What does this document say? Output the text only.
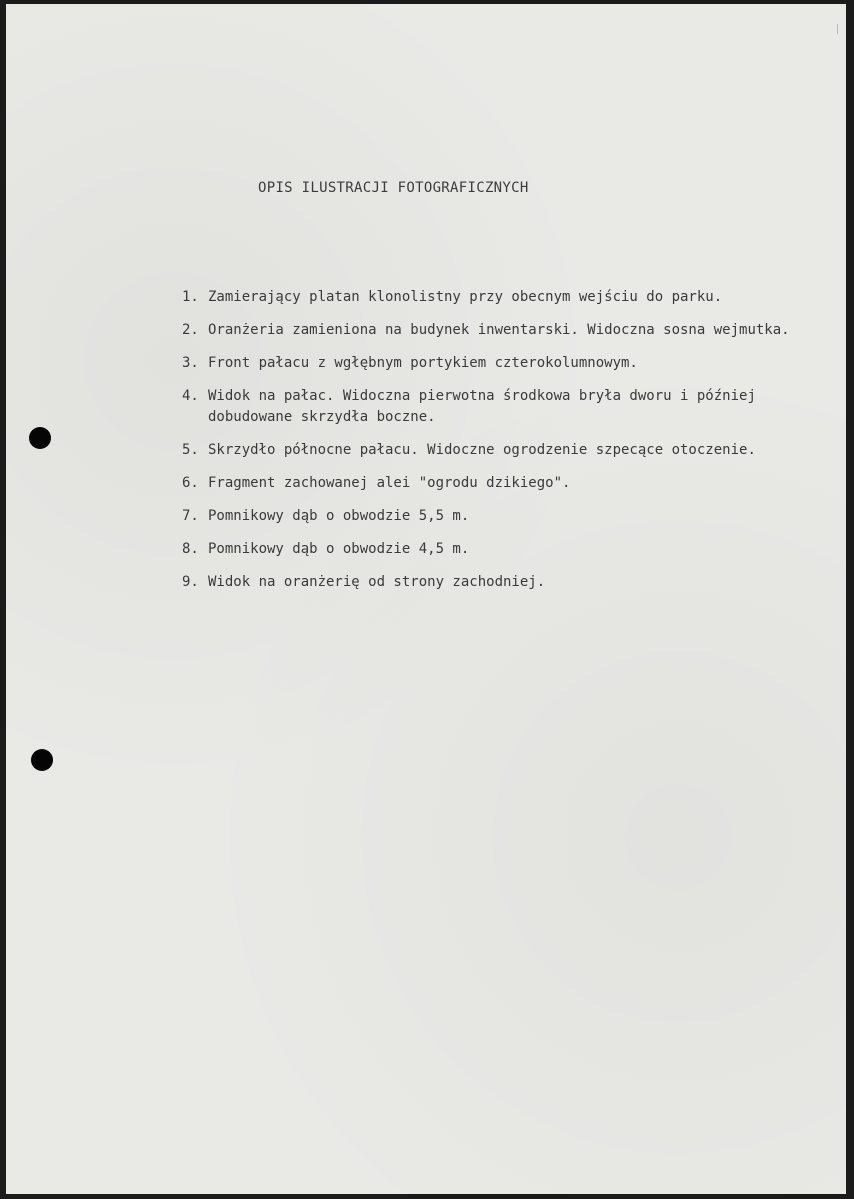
OPIS ILUSTRACJI FOTOGRAFICZNYCH
1. Zamierający platan klonolistny przy obecnym wejściu do parku.
2. Oranżeria zamieniona na budynek inwentarski. Widoczna sosna wejmutka.
3. Front pałacu z wgłębnym portykiem czterokolumnowym.
4. Widok na pałac. Widoczna pierwotna środkowa bryła dworu i później dobudowane skrzydła boczne.
5. Skrzydło północne pałacu. Widoczne ogrodzenie szpecące otoczenie.
6. Fragment zachowanej alei "ogrodu dzikiego".
7. Pomnikowy dąb o obwodzie 5,5 m.
8. Pomnikowy dąb o obwodzie 4,5 m.
9. Widok na oranżerię od strony zachodniej.
